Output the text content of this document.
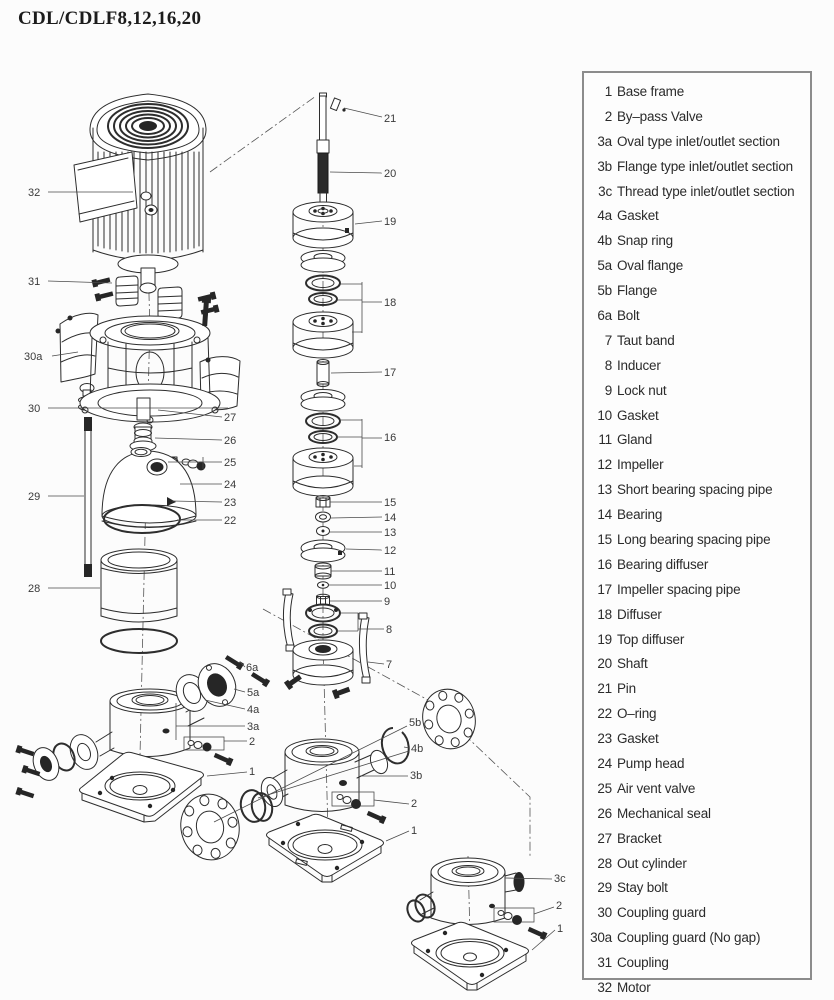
CDL/CDLF8,12,16,20
32
31
30a
30
29
28
27
26
25
24
23
22
6a
5a
4a
3a
2
1
21
20
19
18
17
16
15
14
13
12
11
10
9
8
7
5b
4b
3b
2
1
3c
2
1
1 Base frame
2 By–pass Valve
3a Oval type inlet/outlet section
3b Flange type inlet/outlet section
3c Thread type inlet/outlet section
4a Gasket
4b Snap ring
5a Oval flange
5b Flange
6a Bolt
7 Taut band
8 Inducer
9 Lock nut
10 Gasket
11 Gland
12 Impeller
13 Short bearing spacing pipe
14 Bearing
15 Long bearing spacing pipe
16 Bearing diffuser
17 Impeller spacing pipe
18 Diffuser
19 Top diffuser
20 Shaft
21 Pin
22 O–ring
23 Gasket
24 Pump head
25 Air vent valve
26 Mechanical seal
27 Bracket
28 Out cylinder
29 Stay bolt
30 Coupling guard
30a Coupling guard (No gap)
31 Coupling
32 Motor
